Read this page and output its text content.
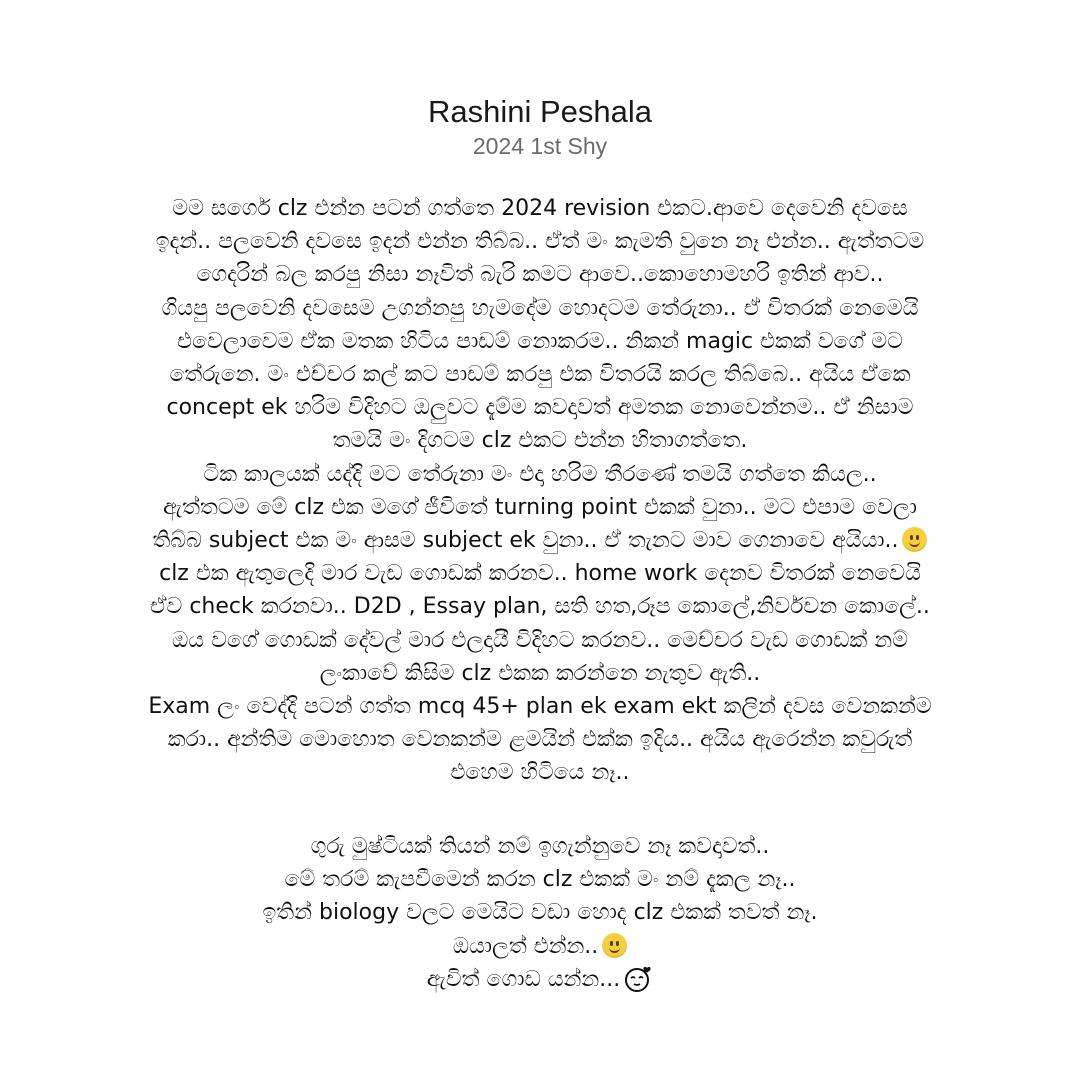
Rashini Peshala
2024 1st Shy
මම සර්ගෙ clz එන්න පටන් ගත්තෙ 2024 revision එකට.ආවෙ දෙවෙනි දවසෙ
ඉදන්.. පලවෙනි දවසෙ ඉදන් එන්න තිබ්බ.. ඒත් මං කැමති වුනෙ නෑ එන්න.. ඇත්තටම
ගෙදරින් බල කරපු නිසා නෑවිත් බැරි කමට ආවෙ..කොහොමහරි ඉතින් ආව..
ගියපු පලවෙනි දවසෙම උගන්නපු හැමදේම හොදටම තේරුනා.. ඒ විතරක් නෙමෙයි
එවෙලාවෙම ඒක මතක හිටිය පාඩම් නොකරම.. නිකන් magic එකක් වගේ මට
තේරුනෙ. මං එච්චර කල් කට පාඩම් කරපු එක විතරයි කරල තිබ්බෙ.. අයිය ඒකෙ
concept ek හරිම විදිහට ඔලුවට දැම්ම කවදාවත් අමතක නොවෙන්නම.. ඒ නිසාම
තමයි මං දිගටම clz එකට එන්න හිතාගත්තෙ.
ටික කාලයක් යද්දි මට තේරුනා මං එදා හරිම තීරණේ තමයි ගත්තෙ කියල..
ඇත්තටම මේ clz එක මගේ ජීවිතේ turning point එකක් වුනා.. මට එපාම වෙලා
තිබ්බ subject එක මං ආසම subject ek වුනා.. ඒ තැනට මාව ගෙනාවෙ අයියා..
clz එක ඇතුලෙදි මාර වැඩ ගොඩක් කරනව.. home work දෙනව විතරක් නෙවෙයි
ඒව check කරනවා.. D2D , Essay plan, සති හත,රූප කොලේ,නිර්වචන කොලේ..
ඔය වගේ ගොඩක් දේවල් මාර එලදායී විදිහට කරනව.. මෙච්චර වැඩ ගොඩක් නම්
ලංකාවේ කිසිම clz එකක කරන්නෙ නැතුව ඇති..
Exam ලං වෙද්දි පටන් ගත්ත mcq 45+ plan ek exam ekt කලින් දවස වෙනකන්ම
කරා.. අන්තිම මොහොත වෙනකන්ම ළමයින් එක්ක ඉදිය.. අයිය ඇරෙන්න කවුරුත්
එහෙම හිටියෙ නෑ..
ගුරු මුෂ්ටියක් තියන් නම් ඉගැන්නුවෙ නෑ කවදාවත්..
මේ තරම් කැපවීමෙන් කරන clz එකක් මං නම් දැකල නෑ..
ඉතින් biology වලට මෙයිට වඩා හොද clz එකක් තවත් නෑ.
ඔයාලත් එන්න..
ඇවිත් ගොඩ යන්න...
